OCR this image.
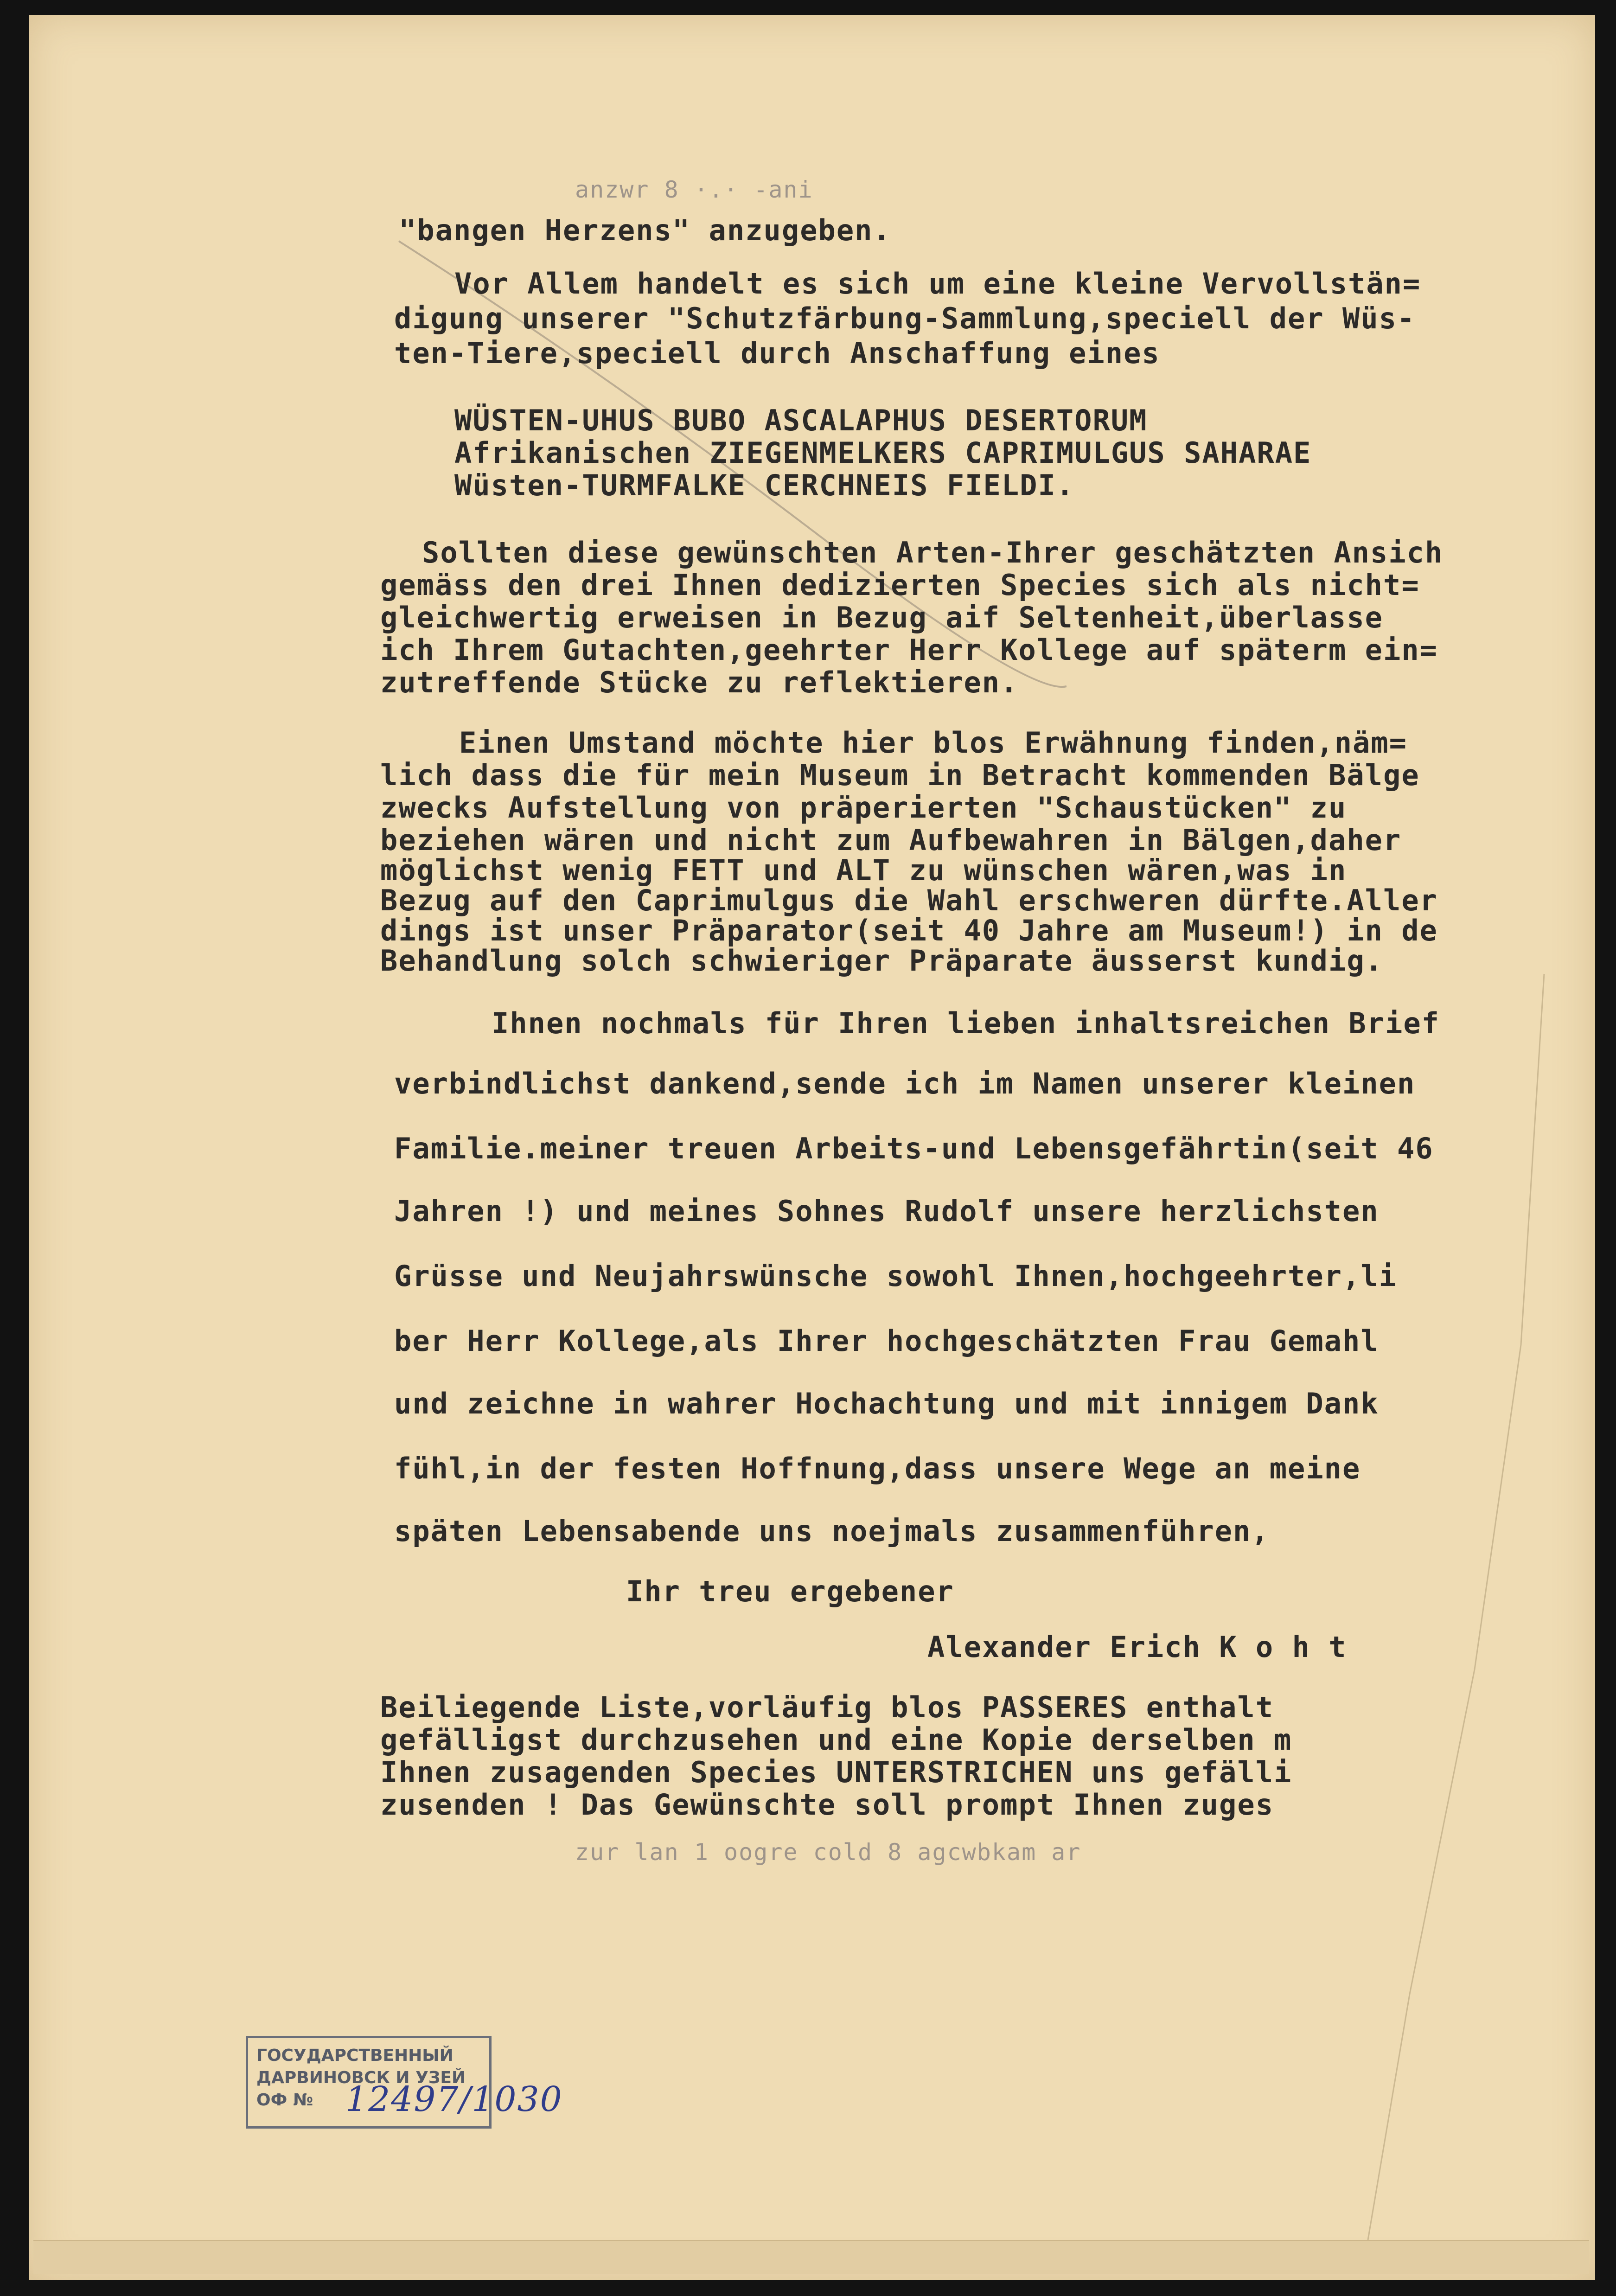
anzwr 8 ·.· -ani
"bangen Herzens" anzugeben.
Vor Allem handelt es sich um eine kleine Vervollstän=
digung unserer "Schutzfärbung-Sammlung,speciell der Wüs-
ten-Tiere,speciell durch Anschaffung eines
WÜSTEN-UHUS BUBO ASCALAPHUS DESERTORUM
Afrikanischen ZIEGENMELKERS CAPRIMULGUS SAHARAE
Wüsten-TURMFALKE CERCHNEIS FIELDI.
Sollten diese gewünschten Arten-Ihrer geschätzten Ansich
gemäss den drei Ihnen dedizierten Species sich als nicht=
gleichwertig erweisen in Bezug aif Seltenheit,überlasse
ich Ihrem Gutachten,geehrter Herr Kollege auf späterm ein=
zutreffende Stücke zu reflektieren.
Einen Umstand möchte hier blos Erwähnung finden,näm=
lich dass die für mein Museum in Betracht kommenden Bälge
zwecks Aufstellung von präperierten "Schaustücken" zu
beziehen wären und nicht zum Aufbewahren in Bälgen,daher
möglichst wenig FETT und ALT zu wünschen wären,was in
Bezug auf den Caprimulgus die Wahl erschweren dürfte.Aller
dings ist unser Präparator(seit 40 Jahre am Museum!) in de
Behandlung solch schwieriger Präparate äusserst kundig.
Ihnen nochmals für Ihren lieben inhaltsreichen Brief
verbindlichst dankend,sende ich im Namen unserer kleinen
Familie.meiner treuen Arbeits-und Lebensgefährtin(seit 46
Jahren !) und meines Sohnes Rudolf unsere herzlichsten
Grüsse und Neujahrswünsche sowohl Ihnen,hochgeehrter,li
ber Herr Kollege,als Ihrer hochgeschätzten Frau Gemahl
und zeichne in wahrer Hochachtung und mit innigem Dank
fühl,in der festen Hoffnung,dass unsere Wege an meine
späten Lebensabende uns noejmals zusammenführen,
Ihr treu ergebener
Alexander Erich K o h t
Beiliegende Liste,vorläufig blos PASSERES enthalt
gefälligst durchzusehen und eine Kopie derselben m
Ihnen zusagenden Species UNTERSTRICHEN uns gefälli
zusenden ! Das Gewünschte soll prompt Ihnen zuges
zur lan 1 oogre cold 8 agcwbkam ar
ГОСУДАРСТВЕННЫЙ
ДАРВИНОВСК И УЗЕЙ
ОФ № 12497/1030
